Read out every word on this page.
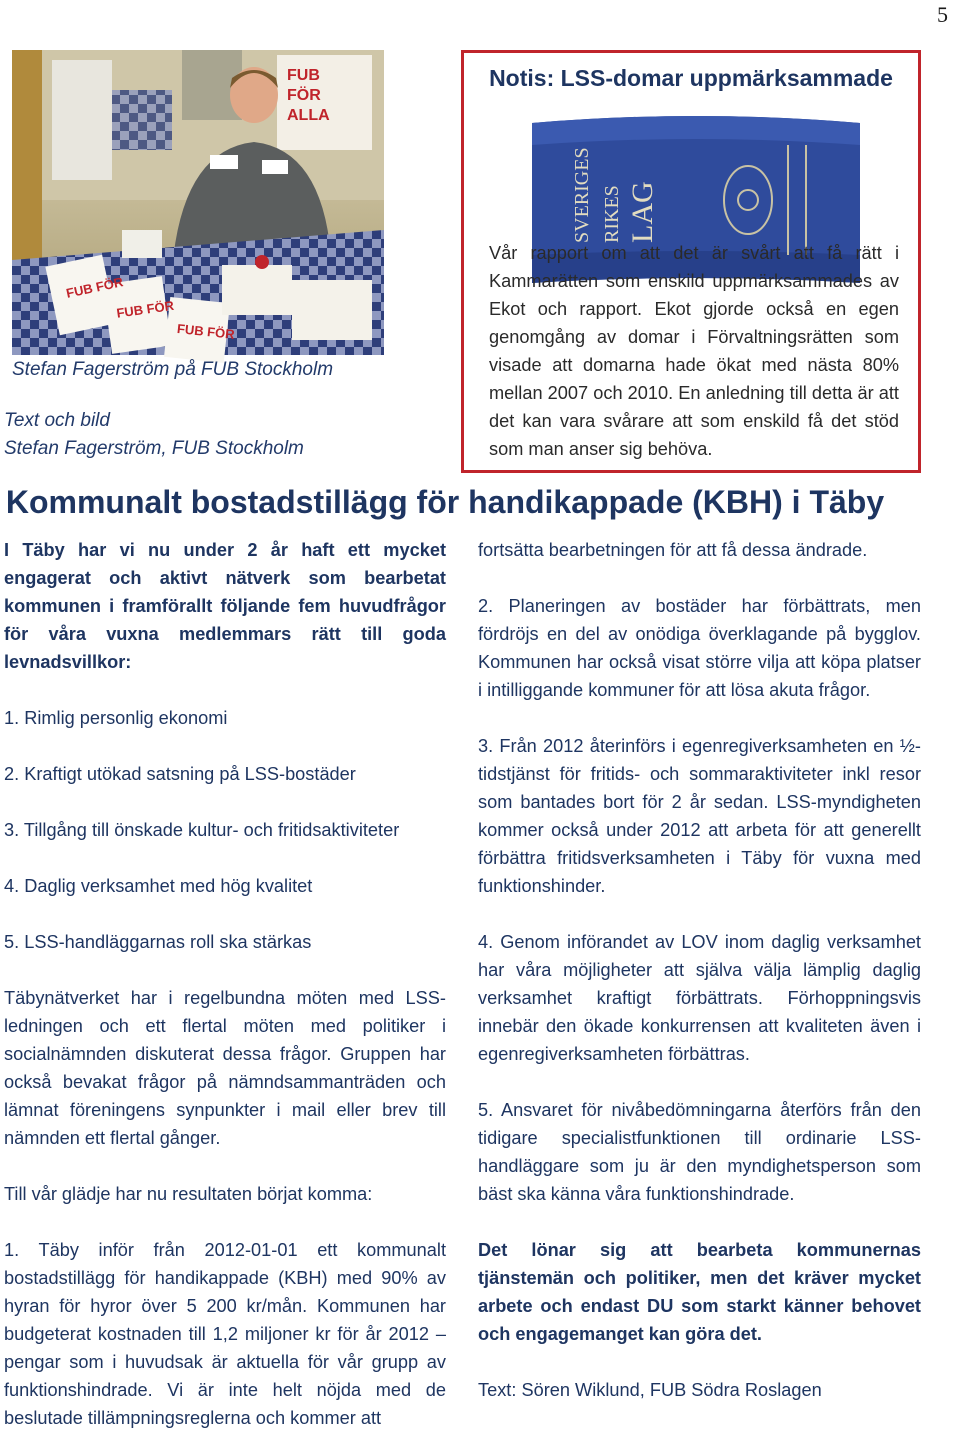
5
FUB
FÖR
ALLA
FUB FÖR
FUB FÖR
FUB FÖR
Stefan Fagerström på FUB Stockholm
Text och bild
Stefan Fagerström, FUB Stockholm
Notis: LSS-domar uppmärksammade
SVERIGES RIKES LAG

Vår rapport om att det är svårt att få rätt i Kammarätten som enskild uppmärksammades av Ekot och rapport. Ekot gjorde också en egen genomgång av domar i Förvaltningsrätten som visade att domarna hade ökat med nästa 80% mellan 2007 och 2010. En anledning till detta är att det kan vara svårare att som enskild få det stöd som man anser sig behöva.

Kommunalt bostadstillägg för handikappade (KBH) i Täby

I Täby har vi nu under 2 år haft ett mycket engagerat och aktivt nätverk som bearbetat kommunen i framförallt följande fem huvudfrågor för våra vuxna medlemmars rätt till goda levnadsvillkor:

1. Rimlig personlig ekonomi

2. Kraftigt utökad satsning på LSS-bostäder

3. Tillgång till önskade kultur- och fritidsaktiviteter

4. Daglig verksamhet med hög kvalitet

5. LSS-handläggarnas roll ska stärkas

Täbynätverket har i regelbundna möten med LSS-ledningen och ett flertal möten med politiker i socialnämnden diskuterat dessa frågor. Gruppen har också bevakat frågor på nämndsammanträden och lämnat föreningens synpunkter i mail eller brev till nämnden ett flertal gånger.

Till vår glädje har nu resultaten börjat komma:

1. Täby inför från 2012-01-01 ett kommunalt bostadstillägg för handikappade (KBH) med 90% av hyran för hyror över 5 200 kr/mån. Kommunen har budgeterat kostnaden till 1,2 miljoner kr för år 2012 – pengar som i huvudsak är aktuella för vår grupp av funktionshindrade. Vi är inte helt nöjda med de beslutade tillämpningsreglerna och kommer att

fortsätta bearbetningen för att få dessa ändrade.

2. Planeringen av bostäder har förbättrats, men fördröjs en del av onödiga överklagande på bygglov. Kommunen har också visat större vilja att köpa platser i intilliggande kommuner för att lösa akuta frågor.

3. Från 2012 återinförs i egenregiverksamheten en ½-tidstjänst för fritids- och sommaraktiviteter inkl resor som bantades bort för 2 år sedan. LSS-myndigheten kommer också under 2012 att arbeta för att generellt förbättra fritidsverksamheten i Täby för vuxna med funktionshinder.

4. Genom införandet av LOV inom daglig verksamhet har våra möjligheter att själva välja lämplig daglig verksamhet kraftigt förbättrats. Förhoppningsvis innebär den ökade konkurrensen att kvaliteten även i egenregiverksamheten förbättras.

5. Ansvaret för nivåbedömningarna återförs från den tidigare specialistfunktionen till ordinarie LSS-handläggare som ju är den myndighetsperson som bäst ska känna våra funktionshindrade.

Det lönar sig att bearbeta kommunernas tjänstemän och politiker, men det kräver mycket arbete och endast DU som starkt känner behovet och engagemanget kan göra det.

Text: Sören Wiklund, FUB Södra Roslagen
